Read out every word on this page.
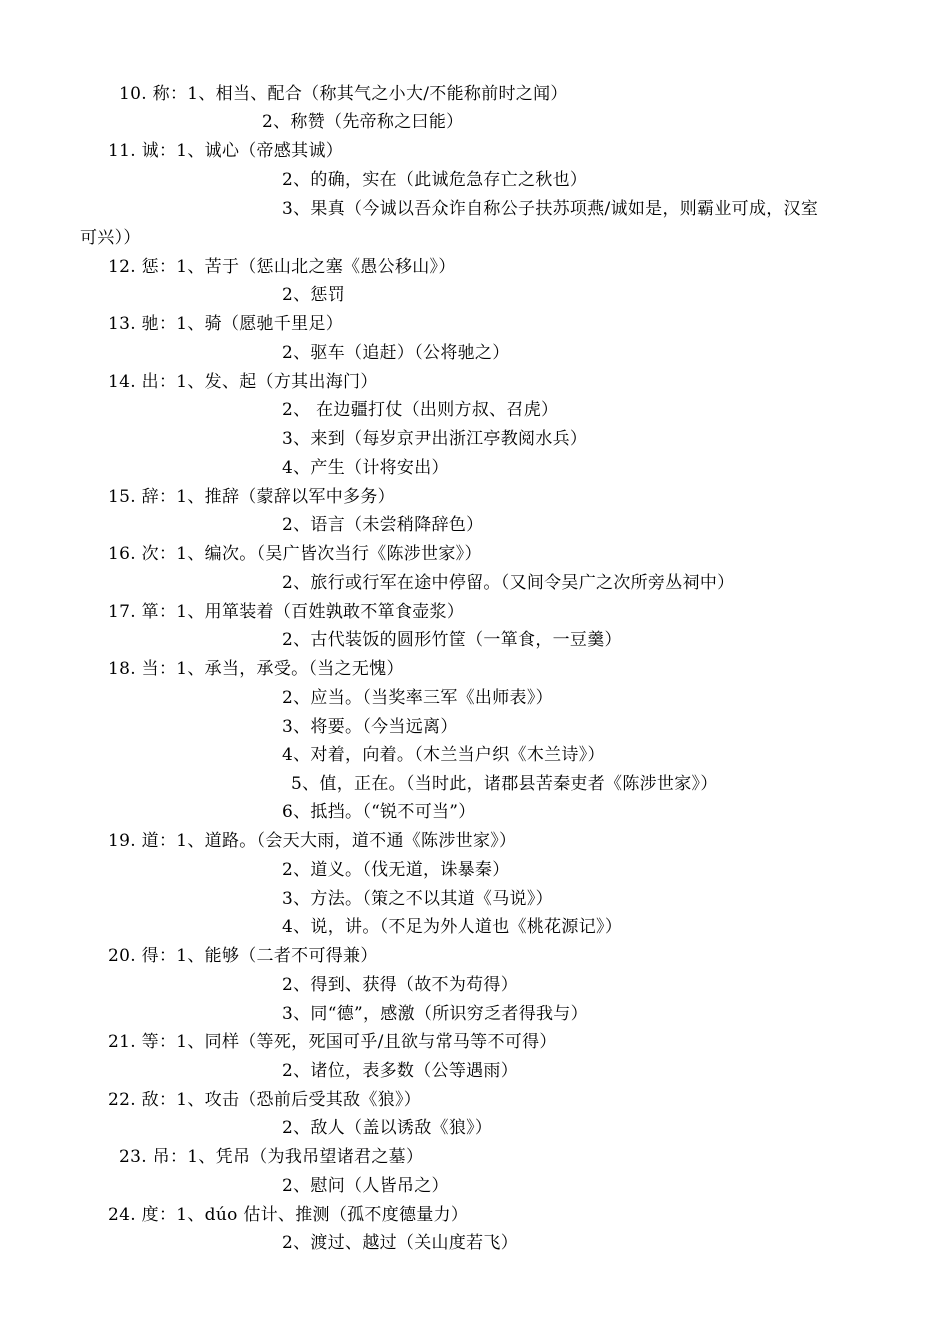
10. 称：1、相当、配合（称其气之小大/不能称前时之闻）
2、称赞（先帝称之曰能）
11. 诚：1、诚心（帝感其诚）
2、的确，实在（此诚危急存亡之秋也）
3、果真（今诚以吾众诈自称公子扶苏项燕/诚如是，则霸业可成，汉室
可兴））
12. 惩：1、苦于（惩山北之塞《愚公移山》）
2、惩罚
13. 驰：1、骑（愿驰千里足）
2、驱车（追赶）（公将驰之）
14. 出：1、发、起（方其出海门）
2、 在边疆打仗（出则方叔、召虎）
3、来到（每岁京尹出浙江亭教阅水兵）
4、产生（计将安出）
15. 辞：1、推辞（蒙辞以军中多务）
2、语言（未尝稍降辞色）
16. 次：1、编次。（吴广皆次当行《陈涉世家》）
2、旅行或行军在途中停留。（又间令吴广之次所旁丛祠中）
17. 箪：1、用箪装着（百姓孰敢不箪食壶浆）
2、古代装饭的圆形竹筐（一箪食，一豆羹）
18. 当：1、承当，承受。（当之无愧）
2、应当。（当奖率三军《出师表》）
3、将要。（今当远离）
4、对着，向着。（木兰当户织《木兰诗》）
5、值，正在。（当时此，诸郡县苦秦吏者《陈涉世家》）
6、抵挡。（“锐不可当”）
19. 道：1、道路。（会天大雨，道不通《陈涉世家》）
2、道义。（伐无道，诛暴秦）
3、方法。（策之不以其道《马说》）
4、说，讲。（不足为外人道也《桃花源记》）
20. 得：1、能够（二者不可得兼）
2、得到、获得（故不为苟得）
3、同“德”，感激（所识穷乏者得我与）
21. 等：1、同样（等死，死国可乎/且欲与常马等不可得）
2、诸位，表多数（公等遇雨）
22. 敌：1、攻击（恐前后受其敌《狼》）
2、敌人（盖以诱敌《狼》）
23. 吊：1、凭吊（为我吊望诸君之墓）
2、慰问（人皆吊之）
24. 度：1、dúo 估计、推测（孤不度德量力）
2、渡过、越过（关山度若飞）
